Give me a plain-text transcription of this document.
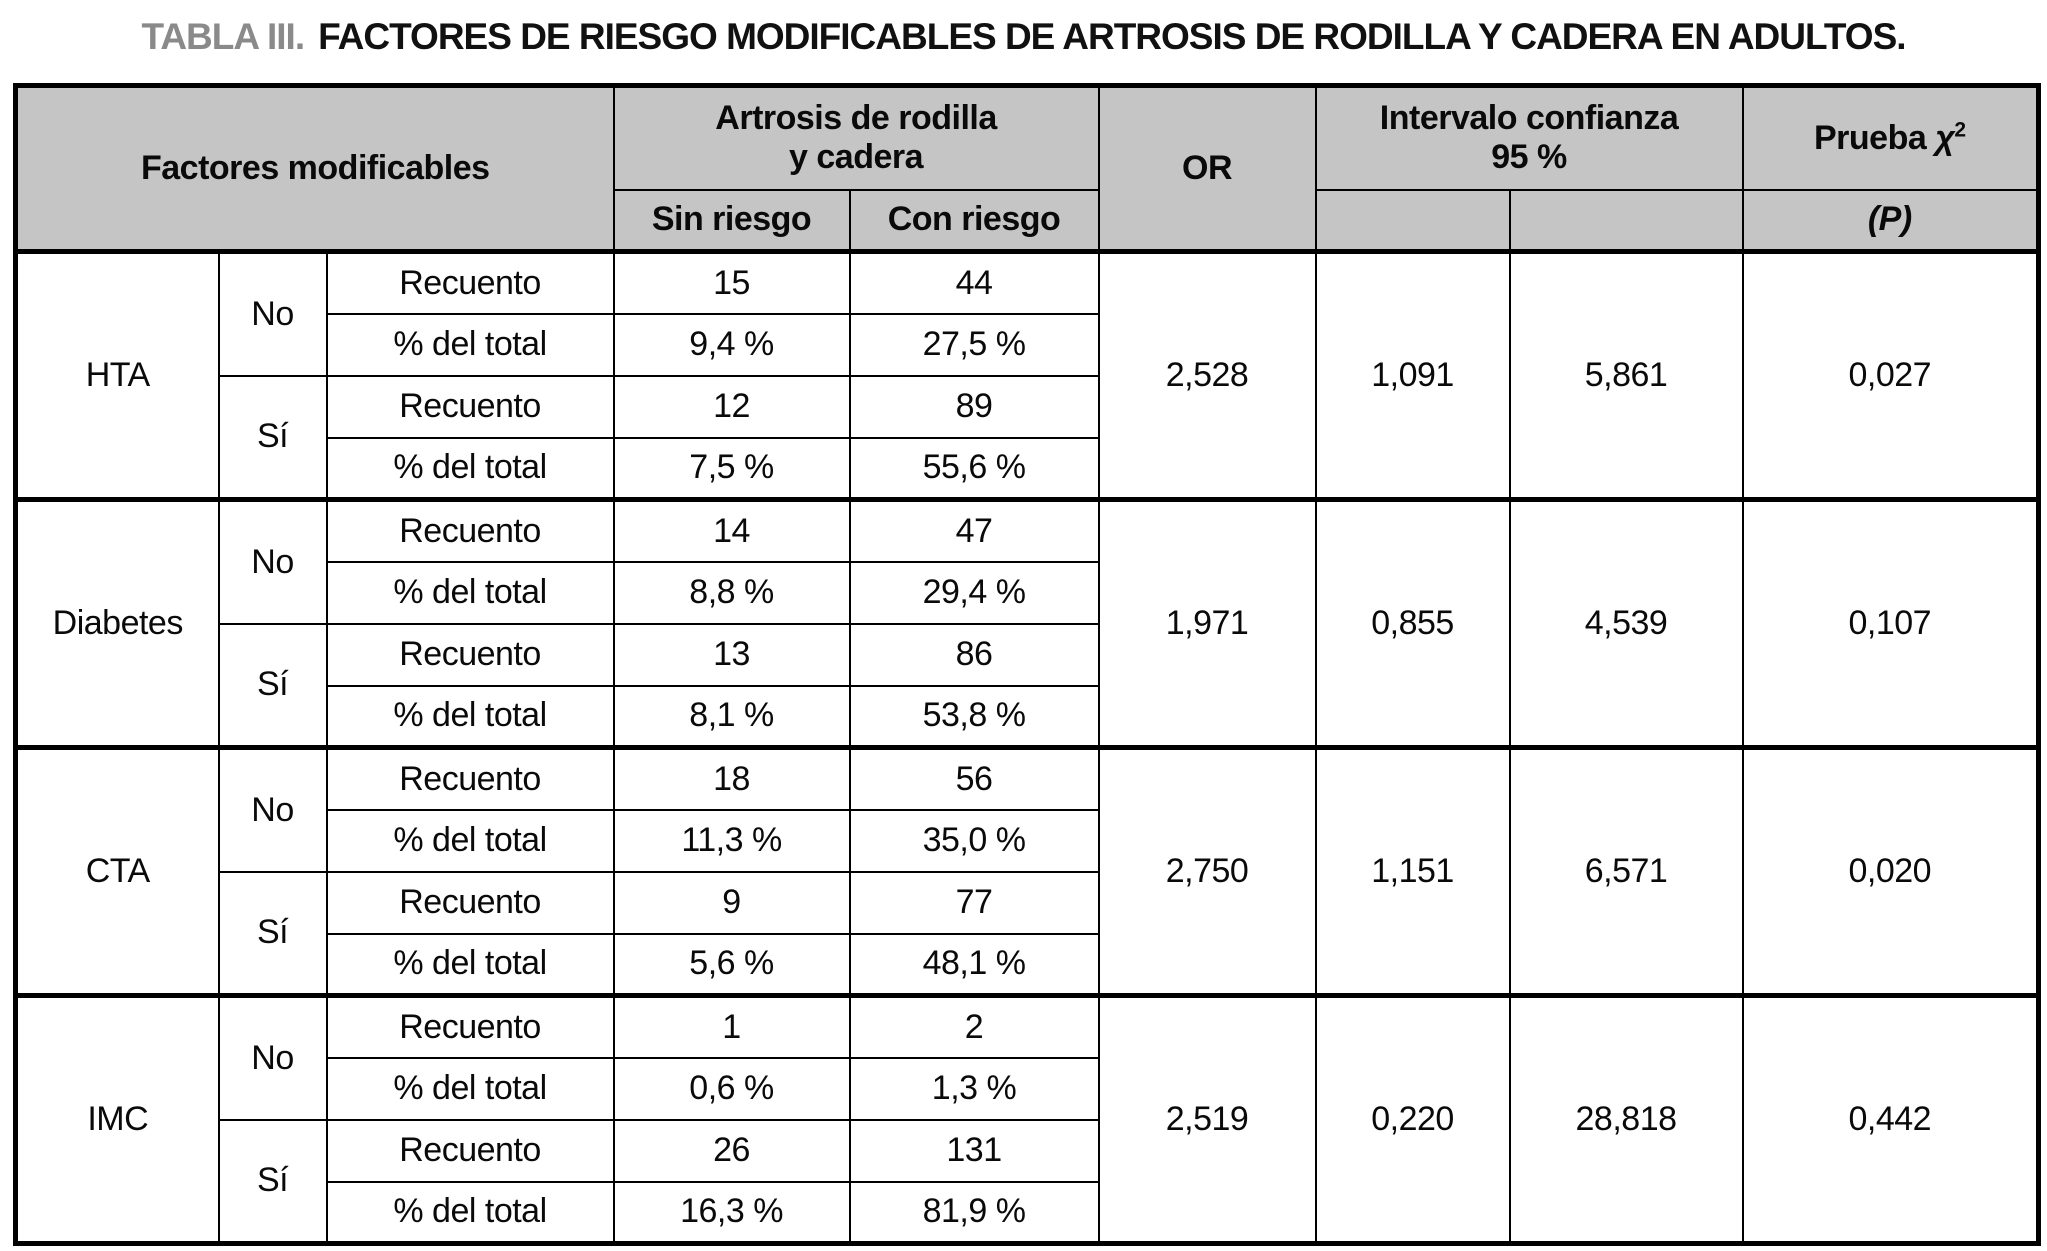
TABLA III. FACTORES DE RIESGO MODIFICABLES DE ARTROSIS DE RODILLA Y CADERA EN ADULTOS.
Factores modificables			Artrosis de rodilla
y cadera		OR	Intervalo confianza
95 %		Prueba $\chi^2$
			Sin riesgo	Con riesgo				(P)
HTA	No	Recuento	15	44	2,528	1,091	5,861	0,027
		% del total	9,4 %	27,5 %				
	Sí	Recuento	12	89				
		% del total	7,5 %	55,6 %				
Diabetes	No	Recuento	14	47	1,971	0,855	4,539	0,107
		% del total	8,8 %	29,4 %				
	Sí	Recuento	13	86				
		% del total	8,1 %	53,8 %				
CTA	No	Recuento	18	56	2,750	1,151	6,571	0,020
		% del total	11,3 %	35,0 %				
	Sí	Recuento	9	77				
		% del total	5,6 %	48,1 %				
IMC	No	Recuento	1	2	2,519	0,220	28,818	0,442
		% del total	0,6 %	1,3 %				
	Sí	Recuento	26	131				
		% del total	16,3 %	81,9 %				
